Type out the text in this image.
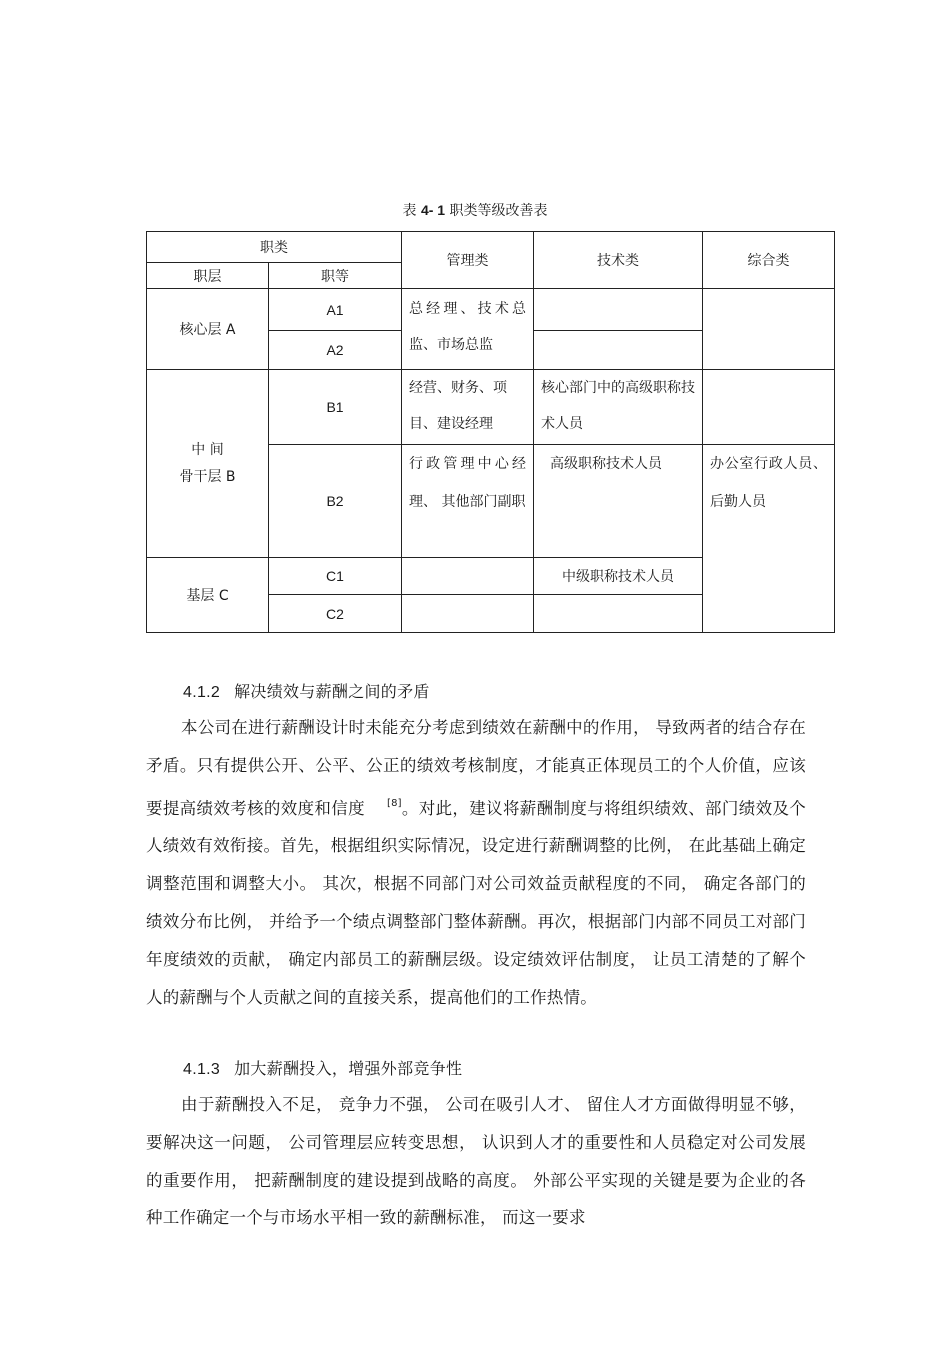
表 4- 1 职类等级改善表
职类		管理类	技术类	综合类
职层	职等			
核心层 A	A1	总经理、技术总监、市场总监		

	A2			

中 间
骨干层 B	B1	经营、财务、项目、建设经理	核心部门中的高级职称技术人员	

	B2	行政管理中心经理、 其他部门副职	高级职称技术人员	办公室行政人员、 后勤人员

基层 C	C1		中级职称技术人员	
	C2			
4.1.2 解决绩效与薪酬之间的矛盾
本公司在进行薪酬设计时未能充分考虑到绩效在薪酬中的作用， 导致两者的结合存在矛盾。只有提供公开、公平、公正的绩效考核制度，才能真正体现员工的个人价值，应该要提高绩效考核的效度和信度 [8]。对此，建议将薪酬制度与将组织绩效、部门绩效及个人绩效有效衔接。首先，根据组织实际情况，设定进行薪酬调整的比例， 在此基础上确定调整范围和调整大小。 其次，根据不同部门对公司效益贡献程度的不同， 确定各部门的绩效分布比例， 并给予一个绩点调整部门整体薪酬。再次，根据部门内部不同员工对部门年度绩效的贡献， 确定内部员工的薪酬层级。设定绩效评估制度， 让员工清楚的了解个人的薪酬与个人贡献之间的直接关系，提高他们的工作热情。
4.1.3 加大薪酬投入，增强外部竞争性
由于薪酬投入不足， 竞争力不强， 公司在吸引人才、 留住人才方面做得明显不够，要解决这一问题， 公司管理层应转变思想， 认识到人才的重要性和人员稳定对公司发展的重要作用， 把薪酬制度的建设提到战略的高度。 外部公平实现的关键是要为企业的各种工作确定一个与市场水平相一致的薪酬标准， 而这一要求
